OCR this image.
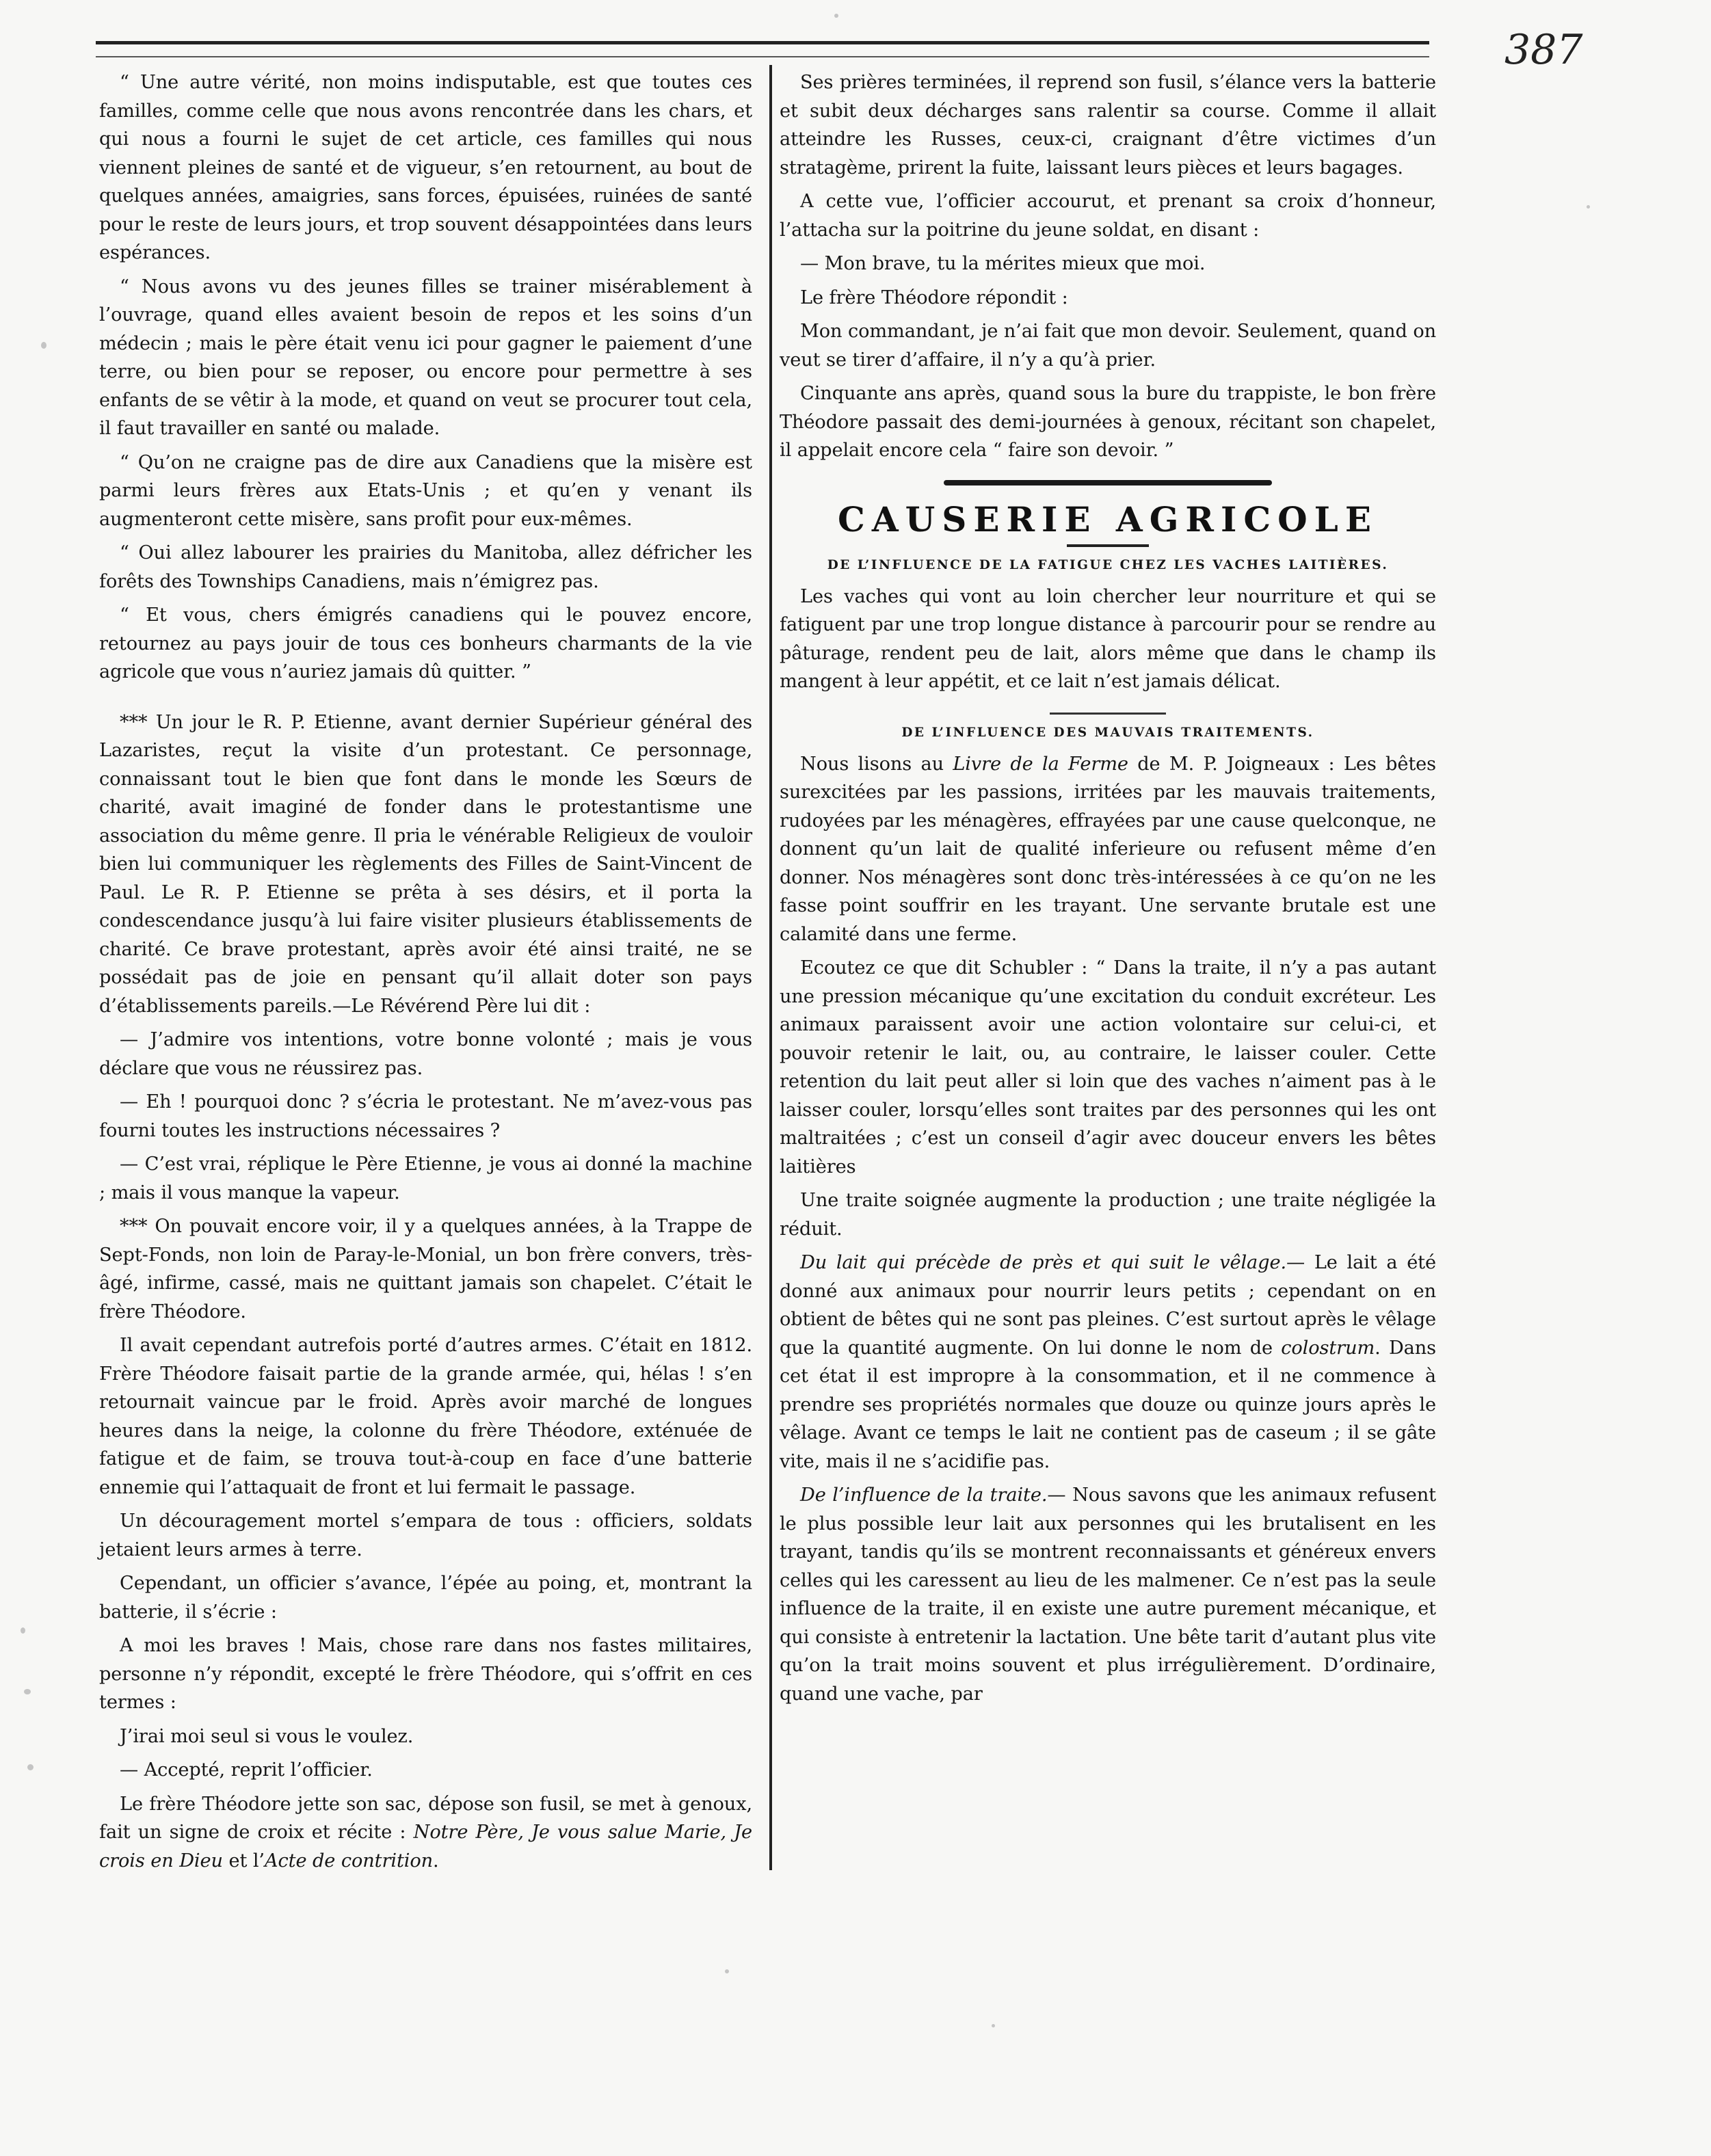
387

“ Une autre vérité, non moins indisputable, est que toutes ces familles, comme celle que nous avons rencontrée dans les chars, et qui nous a fourni le sujet de cet article, ces familles qui nous viennent pleines de santé et de vigueur, s’en retournent, au bout de quelques années, amaigries, sans forces, épuisées, ruinées de santé pour le reste de leurs jours, et trop souvent désappointées dans leurs espérances.

“ Nous avons vu des jeunes filles se trainer misérablement à l’ouvrage, quand elles avaient besoin de repos et les soins d’un médecin ; mais le père était venu ici pour gagner le paiement d’une terre, ou bien pour se reposer, ou encore pour permettre à ses enfants de se vêtir à la mode, et quand on veut se procurer tout cela, il faut travailler en santé ou malade.

“ Qu’on ne craigne pas de dire aux Canadiens que la misère est parmi leurs frères aux Etats-Unis ; et qu’en y venant ils augmenteront cette misère, sans profit pour eux-mêmes.

“ Oui allez labourer les prairies du Manitoba, allez défricher les forêts des Townships Canadiens, mais n’émigrez pas.

“ Et vous, chers émigrés canadiens qui le pouvez encore, retournez au pays jouir de tous ces bonheurs charmants de la vie agricole que vous n’auriez jamais dû quitter. ”

*** Un jour le R. P. Etienne, avant dernier Supérieur général des Lazaristes, reçut la visite d’un protestant. Ce personnage, connaissant tout le bien que font dans le monde les Sœurs de charité, avait imaginé de fonder dans le protestantisme une association du même genre. Il pria le vénérable Religieux de vouloir bien lui communiquer les règlements des Filles de Saint-Vincent de Paul. Le R. P. Etienne se prêta à ses désirs, et il porta la condescendance jusqu’à lui faire visiter plusieurs établissements de charité. Ce brave protestant, après avoir été ainsi traité, ne se possédait pas de joie en pensant qu’il allait doter son pays d’établissements pareils.—Le Révérend Père lui dit :

— J’admire vos intentions, votre bonne volonté ; mais je vous déclare que vous ne réussirez pas.

— Eh ! pourquoi donc ? s’écria le protestant. Ne m’avez-vous pas fourni toutes les instructions nécessaires ?

— C’est vrai, réplique le Père Etienne, je vous ai donné la machine ; mais il vous manque la vapeur.

*** On pouvait encore voir, il y a quelques années, à la Trappe de Sept-Fonds, non loin de Paray-le-Monial, un bon frère convers, très-âgé, infirme, cassé, mais ne quittant jamais son chapelet. C’était le frère Théodore.

Il avait cependant autrefois porté d’autres armes. C’était en 1812. Frère Théodore faisait partie de la grande armée, qui, hélas ! s’en retournait vaincue par le froid. Après avoir marché de longues heures dans la neige, la colonne du frère Théodore, exténuée de fatigue et de faim, se trouva tout-à-coup en face d’une batterie ennemie qui l’attaquait de front et lui fermait le passage.

Un découragement mortel s’empara de tous : officiers, soldats jetaient leurs armes à terre.

Cependant, un officier s’avance, l’épée au poing, et, montrant la batterie, il s’écrie :

A moi les braves ! Mais, chose rare dans nos fastes militaires, personne n’y répondit, excepté le frère Théodore, qui s’offrit en ces termes :

J’irai moi seul si vous le voulez.

— Accepté, reprit l’officier.

Le frère Théodore jette son sac, dépose son fusil, se met à genoux, fait un signe de croix et récite : Notre Père, Je vous salue Marie, Je crois en Dieu et l’Acte de contrition.

Ses prières terminées, il reprend son fusil, s’élance vers la batterie et subit deux décharges sans ralentir sa course. Comme il allait atteindre les Russes, ceux-ci, craignant d’être victimes d’un stratagème, prirent la fuite, laissant leurs pièces et leurs bagages.

A cette vue, l’officier accourut, et prenant sa croix d’honneur, l’attacha sur la poitrine du jeune soldat, en disant :

— Mon brave, tu la mérites mieux que moi.

Le frère Théodore répondit :

Mon commandant, je n’ai fait que mon devoir. Seulement, quand on veut se tirer d’affaire, il n’y a qu’à prier.

Cinquante ans après, quand sous la bure du trappiste, le bon frère Théodore passait des demi-journées à genoux, récitant son chapelet, il appelait encore cela “ faire son devoir. ”

CAUSERIE AGRICOLE
DE L’INFLUENCE DE LA FATIGUE CHEZ LES VACHES LAITIÈRES.

Les vaches qui vont au loin chercher leur nourriture et qui se fatiguent par une trop longue distance à parcourir pour se rendre au pâturage, rendent peu de lait, alors même que dans le champ ils mangent à leur appétit, et ce lait n’est jamais délicat.

DE L’INFLUENCE DES MAUVAIS TRAITEMENTS.

Nous lisons au Livre de la Ferme de M. P. Joigneaux : Les bêtes surexcitées par les passions, irritées par les mauvais traitements, rudoyées par les ménagères, effrayées par une cause quelconque, ne donnent qu’un lait de qualité inferieure ou refusent même d’en donner. Nos ménagères sont donc très-intéressées à ce qu’on ne les fasse point souffrir en les trayant. Une servante brutale est une calamité dans une ferme.

Ecoutez ce que dit Schubler : “ Dans la traite, il n’y a pas autant une pression mécanique qu’une excitation du conduit excréteur. Les animaux paraissent avoir une action volontaire sur celui-ci, et pouvoir retenir le lait, ou, au contraire, le laisser couler. Cette retention du lait peut aller si loin que des vaches n’aiment pas à le laisser couler, lorsqu’elles sont traites par des personnes qui les ont maltraitées ; c’est un conseil d’agir avec douceur envers les bêtes laitières

Une traite soignée augmente la production ; une traite négligée la réduit.

Du lait qui précède de près et qui suit le vêlage.— Le lait a été donné aux animaux pour nourrir leurs petits ; cependant on en obtient de bêtes qui ne sont pas pleines. C’est surtout après le vêlage que la quantité augmente. On lui donne le nom de colostrum. Dans cet état il est impropre à la consommation, et il ne commence à prendre ses propriétés normales que douze ou quinze jours après le vêlage. Avant ce temps le lait ne contient pas de caseum ; il se gâte vite, mais il ne s’acidifie pas.

De l’influence de la traite.— Nous savons que les animaux refusent le plus possible leur lait aux personnes qui les brutalisent en les trayant, tandis qu’ils se montrent reconnaissants et généreux envers celles qui les caressent au lieu de les malmener. Ce n’est pas la seule influence de la traite, il en existe une autre purement mécanique, et qui consiste à entretenir la lactation. Une bête tarit d’autant plus vite qu’on la trait moins souvent et plus irrégulièrement. D’ordinaire, quand une vache, par
